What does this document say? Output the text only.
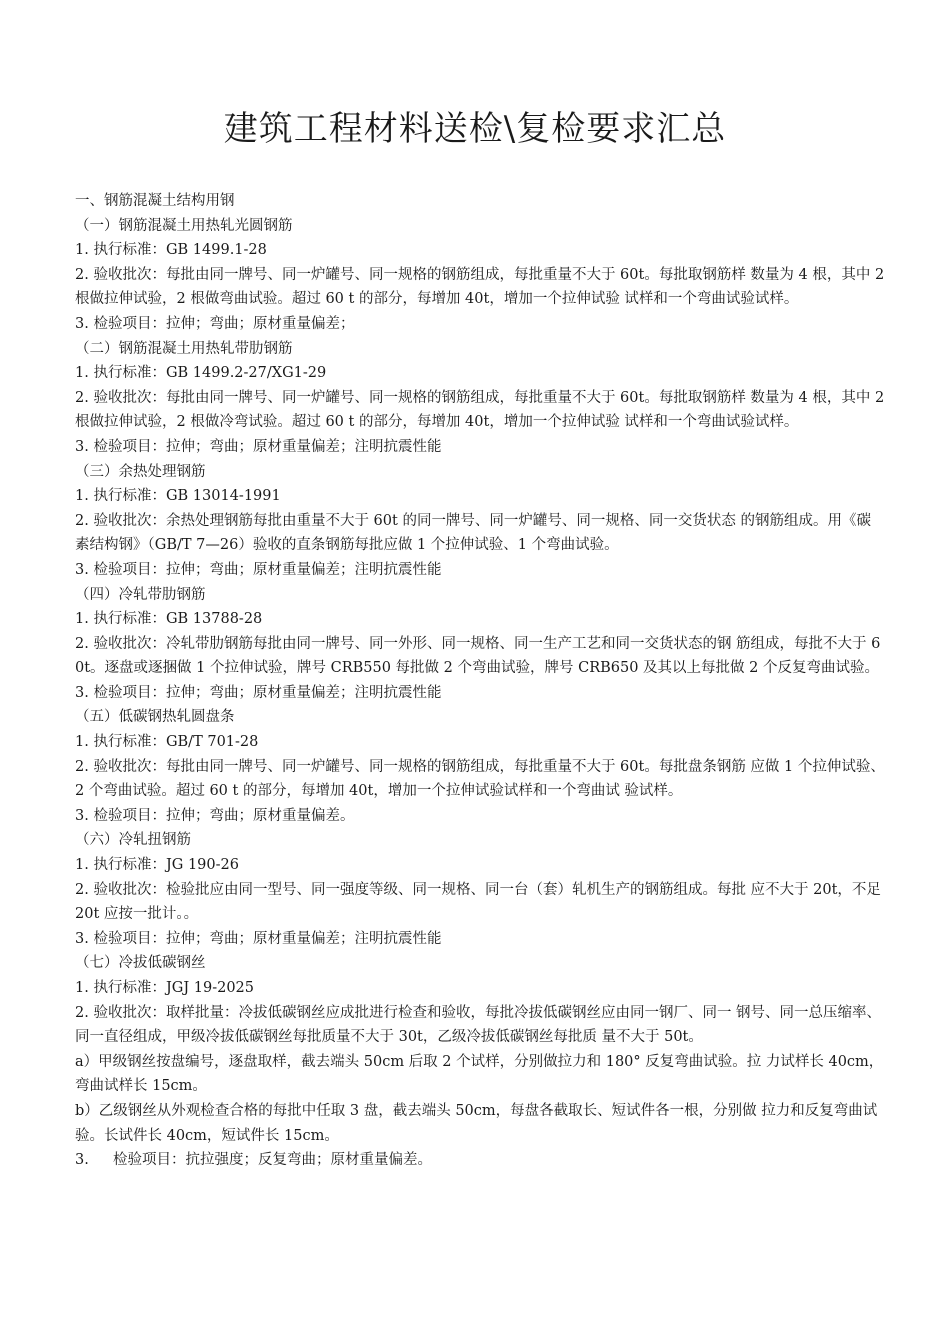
建筑工程材料送检\复检要求汇总

一、钢筋混凝土结构用钢

（一）钢筋混凝土用热轧光圆钢筋

1. 执行标准：GB 1499.1-28

2. 验收批次：每批由同一牌号、同一炉罐号、同一规格的钢筋组成，每批重量不大于 60t。每批取钢筋样 数量为 4 根，其中 2 根做拉伸试验，2 根做弯曲试验。超过 60 t 的部分，每增加 40t，增加一个拉伸试验 试样和一个弯曲试验试样。

3. 检验项目：拉伸；弯曲；原材重量偏差；

（二）钢筋混凝土用热轧带肋钢筋

1. 执行标准：GB 1499.2-27/XG1-29

2. 验收批次：每批由同一牌号、同一炉罐号、同一规格的钢筋组成，每批重量不大于 60t。每批取钢筋样 数量为 4 根，其中 2 根做拉伸试验，2 根做冷弯试验。超过 60 t 的部分，每增加 40t，增加一个拉伸试验 试样和一个弯曲试验试样。

3. 检验项目：拉伸；弯曲；原材重量偏差；注明抗震性能

（三）余热处理钢筋

1. 执行标准：GB 13014-1991

2. 验收批次：余热处理钢筋每批由重量不大于 60t 的同一牌号、同一炉罐号、同一规格、同一交货状态 的钢筋组成。用《碳素结构钢》（GB/T 7—26）验收的直条钢筋每批应做 1 个拉伸试验、1 个弯曲试验。

3. 检验项目：拉伸；弯曲；原材重量偏差；注明抗震性能

（四）冷轧带肋钢筋

1. 执行标准：GB 13788-28

2. 验收批次：冷轧带肋钢筋每批由同一牌号、同一外形、同一规格、同一生产工艺和同一交货状态的钢 筋组成，每批不大于 60t。逐盘或逐捆做 1 个拉伸试验，牌号 CRB550 每批做 2 个弯曲试验，牌号 CRB650 及其以上每批做 2 个反复弯曲试验。

3. 检验项目：拉伸；弯曲；原材重量偏差；注明抗震性能

（五）低碳钢热轧圆盘条

1. 执行标准：GB/T 701-28

2. 验收批次：每批由同一牌号、同一炉罐号、同一规格的钢筋组成，每批重量不大于 60t。每批盘条钢筋 应做 1 个拉伸试验、2 个弯曲试验。超过 60 t 的部分，每增加 40t，增加一个拉伸试验试样和一个弯曲试 验试样。

3. 检验项目：拉伸；弯曲；原材重量偏差。

（六）冷轧扭钢筋

1. 执行标准：JG 190-26

2. 验收批次：检验批应由同一型号、同一强度等级、同一规格、同一台（套）轧机生产的钢筋组成。每批 应不大于 20t，不足 20t 应按一批计。。

3. 检验项目：拉伸；弯曲；原材重量偏差；注明抗震性能

（七）冷拔低碳钢丝

1. 执行标准：JGJ 19-2025

2. 验收批次：取样批量：冷拔低碳钢丝应成批进行检查和验收，每批冷拔低碳钢丝应由同一钢厂、同一 钢号、同一总压缩率、同一直径组成，甲级冷拔低碳钢丝每批质量不大于 30t，乙级冷拔低碳钢丝每批质 量不大于 50t。

a）甲级钢丝按盘编号，逐盘取样，截去端头 50cm 后取 2 个试样，分别做拉力和 180° 反复弯曲试验。拉 力试样长 40cm，弯曲试样长 15cm。

b）乙级钢丝从外观检查合格的每批中任取 3 盘，截去端头 50cm，每盘各截取长、短试件各一根，分别做 拉力和反复弯曲试验。长试件长 40cm，短试件长 15cm。

3. 检验项目：抗拉强度；反复弯曲；原材重量偏差。
